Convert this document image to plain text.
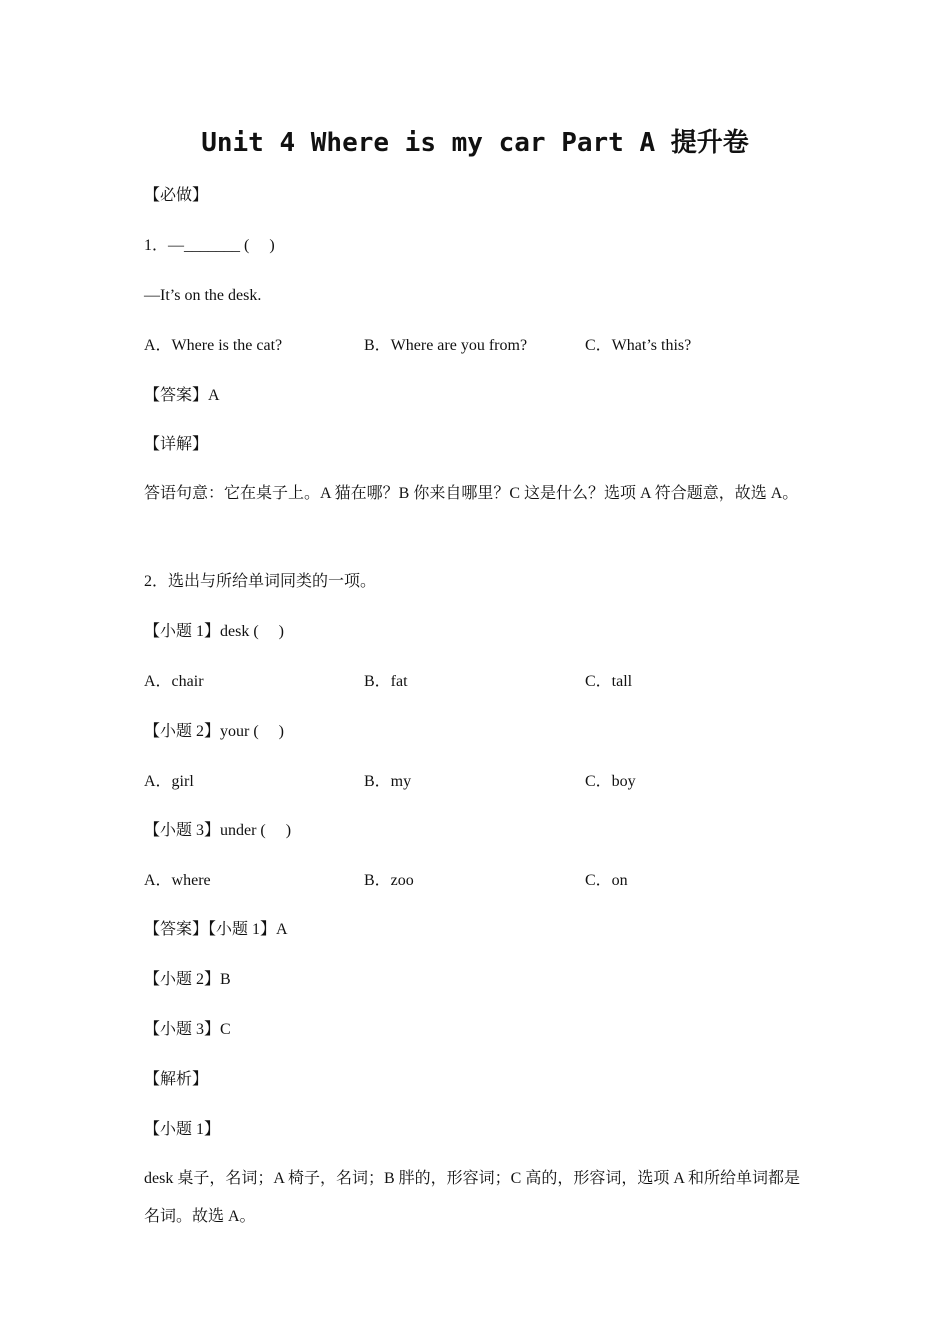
Unit 4 Where is my car Part A 提升卷
【必做】
1．—_______ (　 )
—It’s on the desk.
A．Where is the cat?	B．Where are you from?	C．What’s this?
【答案】A
【详解】
答语句意：它在桌子上。A 猫在哪？B 你来自哪里？C 这是什么？选项 A 符合题意，故选 A。
2．选出与所给单词同类的一项。
【小题 1】desk (　 )
A．chair	B．fat	C．tall
【小题 2】your (　 )
A．girl	B．my	C．boy
【小题 3】under (　 )
A．where	B．zoo	C．on
【答案】【小题 1】A
【小题 2】B
【小题 3】C
【解析】
【小题 1】
desk 桌子，名词；A 椅子，名词；B 胖的，形容词；C 高的，形容词，选项 A 和所给单词都是名词。故选 A。
